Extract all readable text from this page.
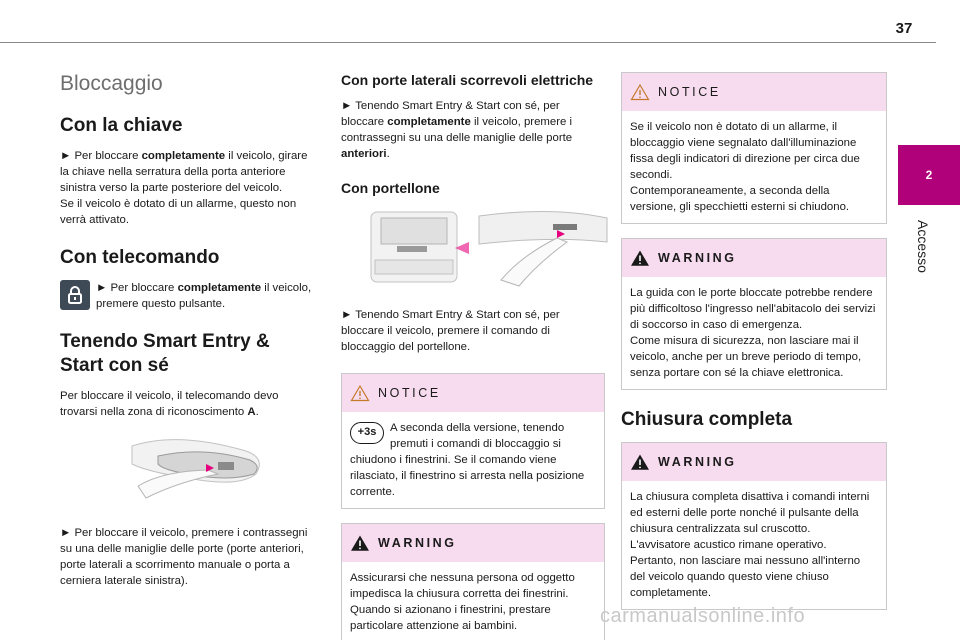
37
2
Accesso
Bloccaggio
Con la chiave

► Per bloccare completamente il veicolo, girare la chiave nella serratura della porta anteriore sinistra verso la parte posteriore del veicolo.
Se il veicolo è dotato di un allarme, questo non verrà attivato.

Con telecomando

► Per bloccare completamente il veicolo, premere questo pulsante.

Tenendo Smart Entry &
Start con sé

Per bloccare il veicolo, il telecomando devo trovarsi nella zona di riconoscimento A.

► Per bloccare il veicolo, premere i contrassegni su una delle maniglie delle porte (porte anteriori, porte laterali a scorrimento manuale o porta a cerniera laterale sinistra).

Con porte laterali scorrevoli elettriche

► Tenendo Smart Entry & Start con sé, per bloccare completamente il veicolo, premere i contrassegni su una delle maniglie delle porte anteriori.

Con portellone

► Tenendo Smart Entry & Start con sé, per bloccare il veicolo, premere il comando di bloccaggio del portellone.

NOTICE
+3s	A seconda della versione, tenendo premuti i comandi di bloccaggio si chiudono i finestrini. Se il comando viene rilasciato, il finestrino si arresta nella posizione corrente.

WARNING

Assicurarsi che nessuna persona od oggetto impedisca la chiusura corretta dei finestrini. Quando si azionano i finestrini, prestare particolare attenzione ai bambini.

NOTICE

Se il veicolo non è dotato di un allarme, il bloccaggio viene segnalato dall'illuminazione fissa degli indicatori di direzione per circa due secondi.
Contemporaneamente, a seconda della versione, gli specchietti esterni si chiudono.

WARNING

La guida con le porte bloccate potrebbe rendere più difficoltoso l'ingresso nell'abitacolo dei servizi di soccorso in caso di emergenza.
Come misura di sicurezza, non lasciare mai il veicolo, anche per un breve periodo di tempo, senza portare con sé la chiave elettronica.

Chiusura completa
WARNING

La chiusura completa disattiva i comandi interni ed esterni delle porte nonché il pulsante della chiusura centralizzata sul cruscotto.
L'avvisatore acustico rimane operativo.
Pertanto, non lasciare mai nessuno all'interno del veicolo quando questo viene chiuso completamente.

carmanualsonline.info
